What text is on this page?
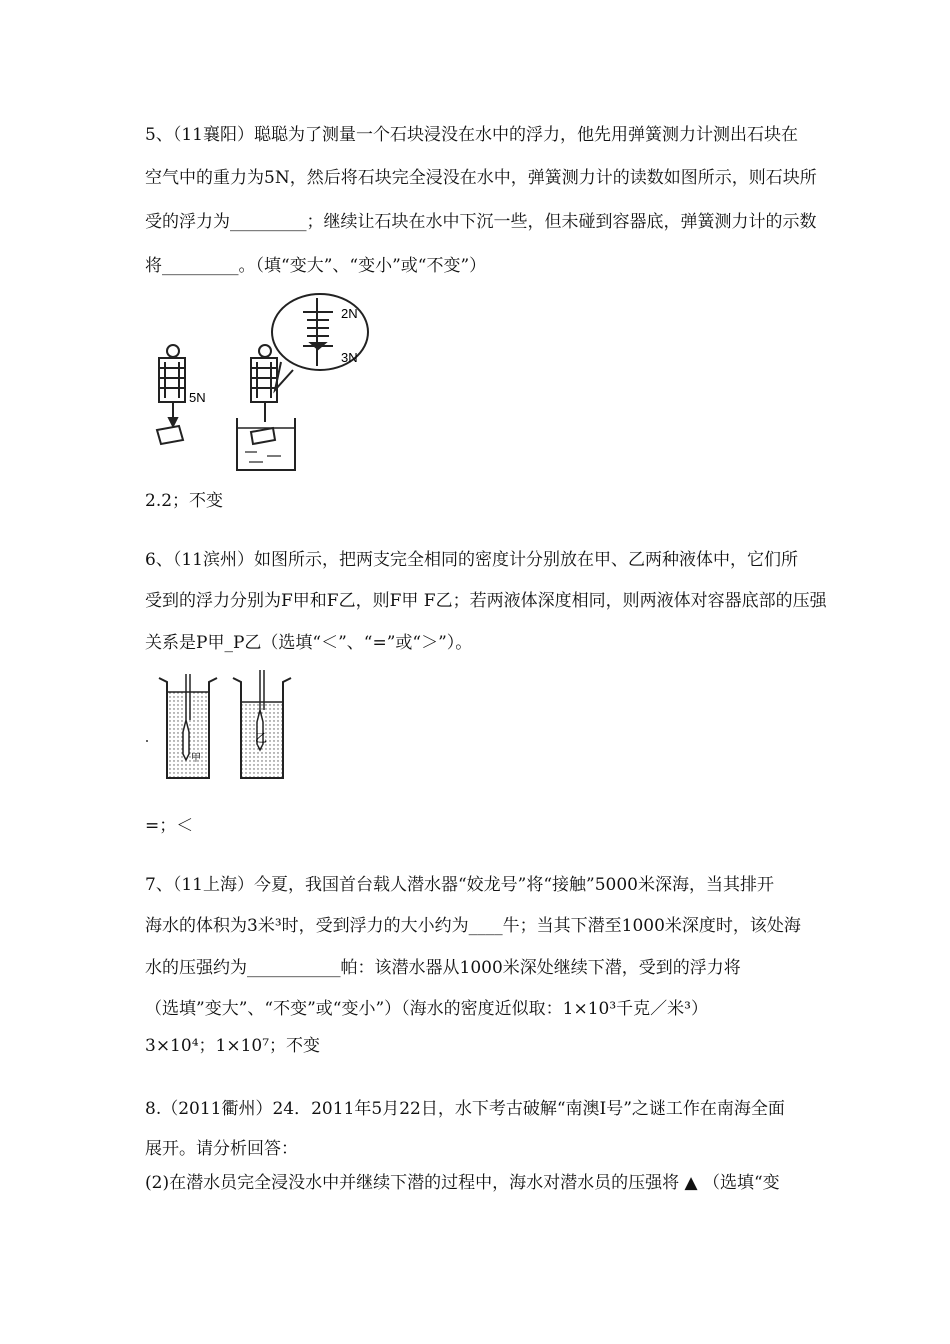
5、（11襄阳）聪聪为了测量一个石块浸没在水中的浮力，他先用弹簧测力计测出石块在
空气中的重力为5N，然后将石块完全浸没在水中，弹簧测力计的读数如图所示，则石块所
受的浮力为_________；继续让石块在水中下沉一些，但未碰到容器底，弹簧测力计的示数
将_________。（填“变大”、“变小”或“不变”）
5N
2N
3N
2.2；不变
6、（11滨州）如图所示，把两支完全相同的密度计分别放在甲、乙两种液体中，它们所
受到的浮力分别为F甲和F乙，则F甲 F乙；若两液体深度相同，则两液体对容器底部的压强
关系是P甲_P乙（选填“＜”、“=”或“＞”）。
甲
乙
=；＜
7、（11上海）今夏，我国首台载人潜水器“姣龙号”将“接触”5000米深海，当其排开
海水的体积为3米³时，受到浮力的大小约为____牛；当其下潜至1000米深度时，该处海
水的压强约为___________帕：该潜水器从1000米深处继续下潜，受到的浮力将
（选填”变大”、“不变”或“变小”）（海水的密度近似取：1×10³千克／米³）
3×10⁴；1×10⁷；不变
8.（2011衢州）24．2011年5月22日，水下考古破解“南澳Ⅰ号”之谜工作在南海全面
展开。请分析回答：
(2)在潜水员完全浸没水中并继续下潜的过程中，海水对潜水员的压强将 ▲ （选填“变
